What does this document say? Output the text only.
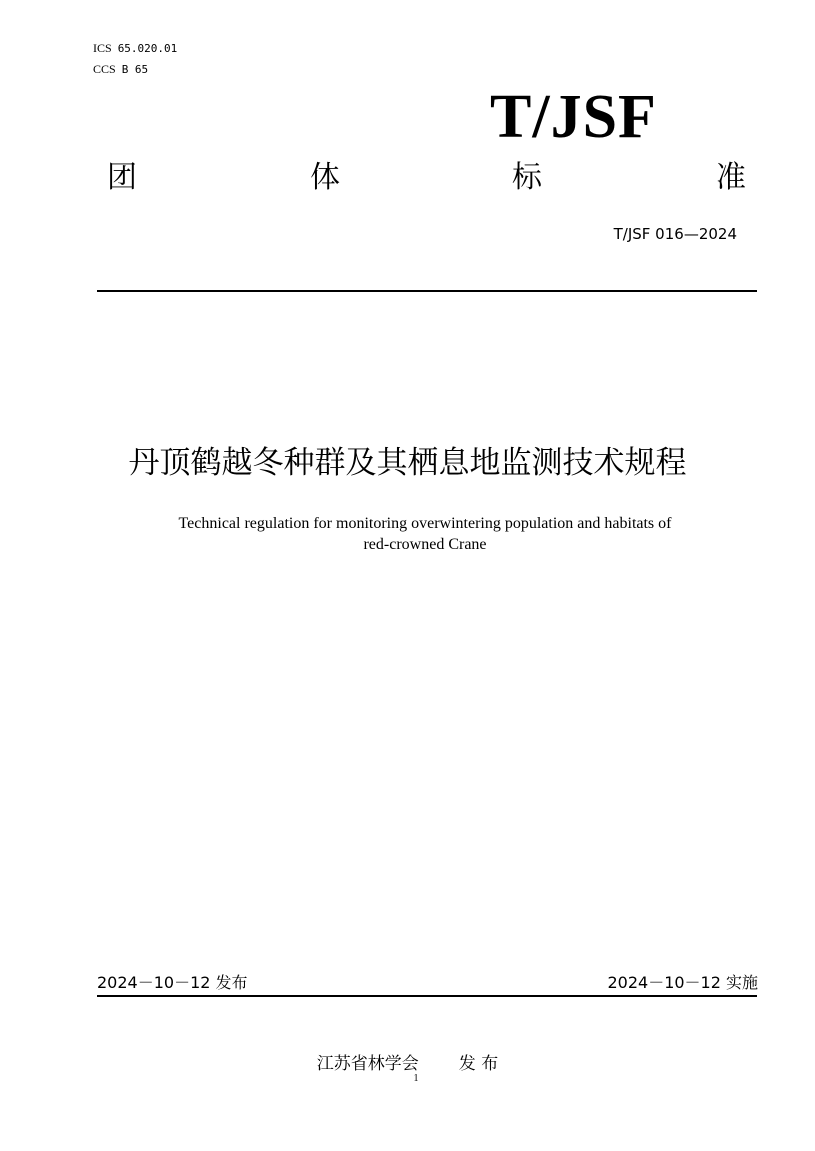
ICS 65.020.01
CCS B 65
T/JSF
团	体	标	准
T/JSF 016—2024
丹顶鹤越冬种群及其栖息地监测技术规程
Technical regulation for monitoring overwintering population and habitats of
red-crowned Crane
2024－10－12 发布	2024－10－12 实施
江苏省林学会 发 布
1
